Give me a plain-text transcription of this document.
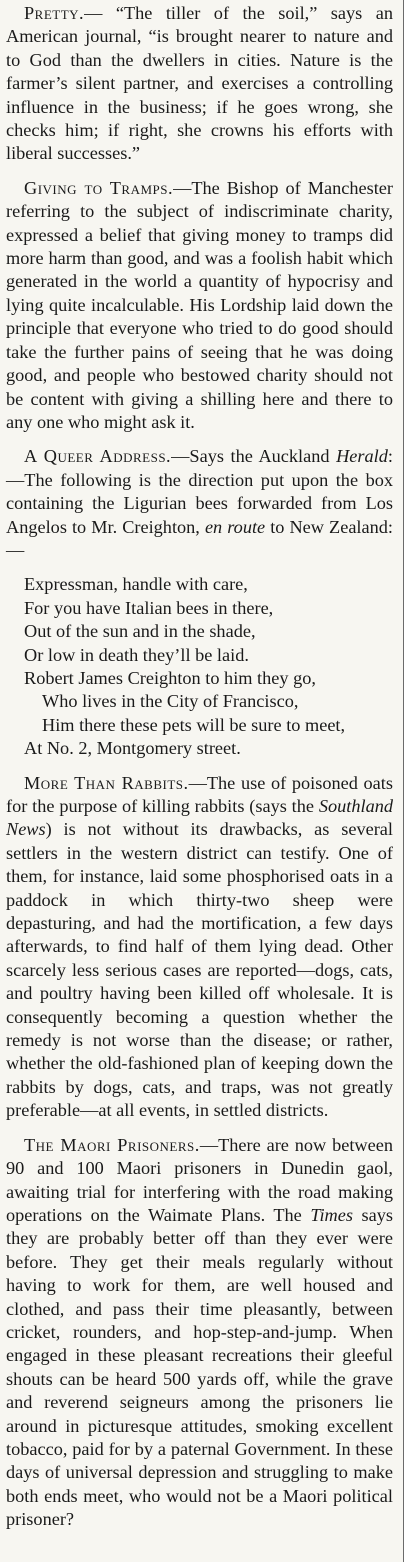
Pretty.— “The tiller of the soil,” says an American journal, “is brought nearer to nature and to God than the dwellers in cities. Nature is the farmer’s silent partner, and exercises a controlling influence in the business; if he goes wrong, she checks him; if right, she crowns his efforts with liberal successes.”

Giving to Tramps.—The Bishop of Manchester referring to the subject of indiscriminate charity, expressed a belief that giving money to tramps did more harm than good, and was a foolish habit which generated in the world a quantity of hypocrisy and lying quite incalculable. His Lordship laid down the principle that everyone who tried to do good should take the further pains of seeing that he was doing good, and people who bestowed charity should not be content with giving a shilling here and there to any one who might ask it.

A Queer Address.—Says the Auckland Herald:—The following is the direction put upon the box containing the Ligurian bees forwarded from Los Angelos to Mr. Creighton, en route to New Zealand:—

Expressman, handle with care,
For you have Italian bees in there,
Out of the sun and in the shade,
Or low in death they’ll be laid.
Robert James Creighton to him they go,
Who lives in the City of Francisco,
Him there these pets will be sure to meet,
At No. 2, Montgomery street.

More Than Rabbits.—The use of poisoned oats for the purpose of killing rabbits (says the Southland News) is not without its drawbacks, as several settlers in the western district can testify. One of them, for instance, laid some phosphorised oats in a paddock in which thirty-two sheep were depasturing, and had the mortification, a few days afterwards, to find half of them lying dead. Other scarcely less serious cases are reported—dogs, cats, and poultry having been killed off wholesale. It is consequently becoming a question whether the remedy is not worse than the disease; or rather, whether the old-fashioned plan of keeping down the rabbits by dogs, cats, and traps, was not greatly preferable—at all events, in settled districts.

The Maori Prisoners.—There are now between 90 and 100 Maori prisoners in Dunedin gaol, awaiting trial for interfering with the road making operations on the Waimate Plans. The Times says they are probably better off than they ever were before. They get their meals regularly without having to work for them, are well housed and clothed, and pass their time pleasantly, between cricket, rounders, and hop-step-and-jump. When engaged in these pleasant recreations their gleeful shouts can be heard 500 yards off, while the grave and reverend seigneurs among the prisoners lie around in picturesque attitudes, smoking excellent tobacco, paid for by a paternal Government. In these days of universal depression and struggling to make both ends meet, who would not be a Maori political prisoner?
